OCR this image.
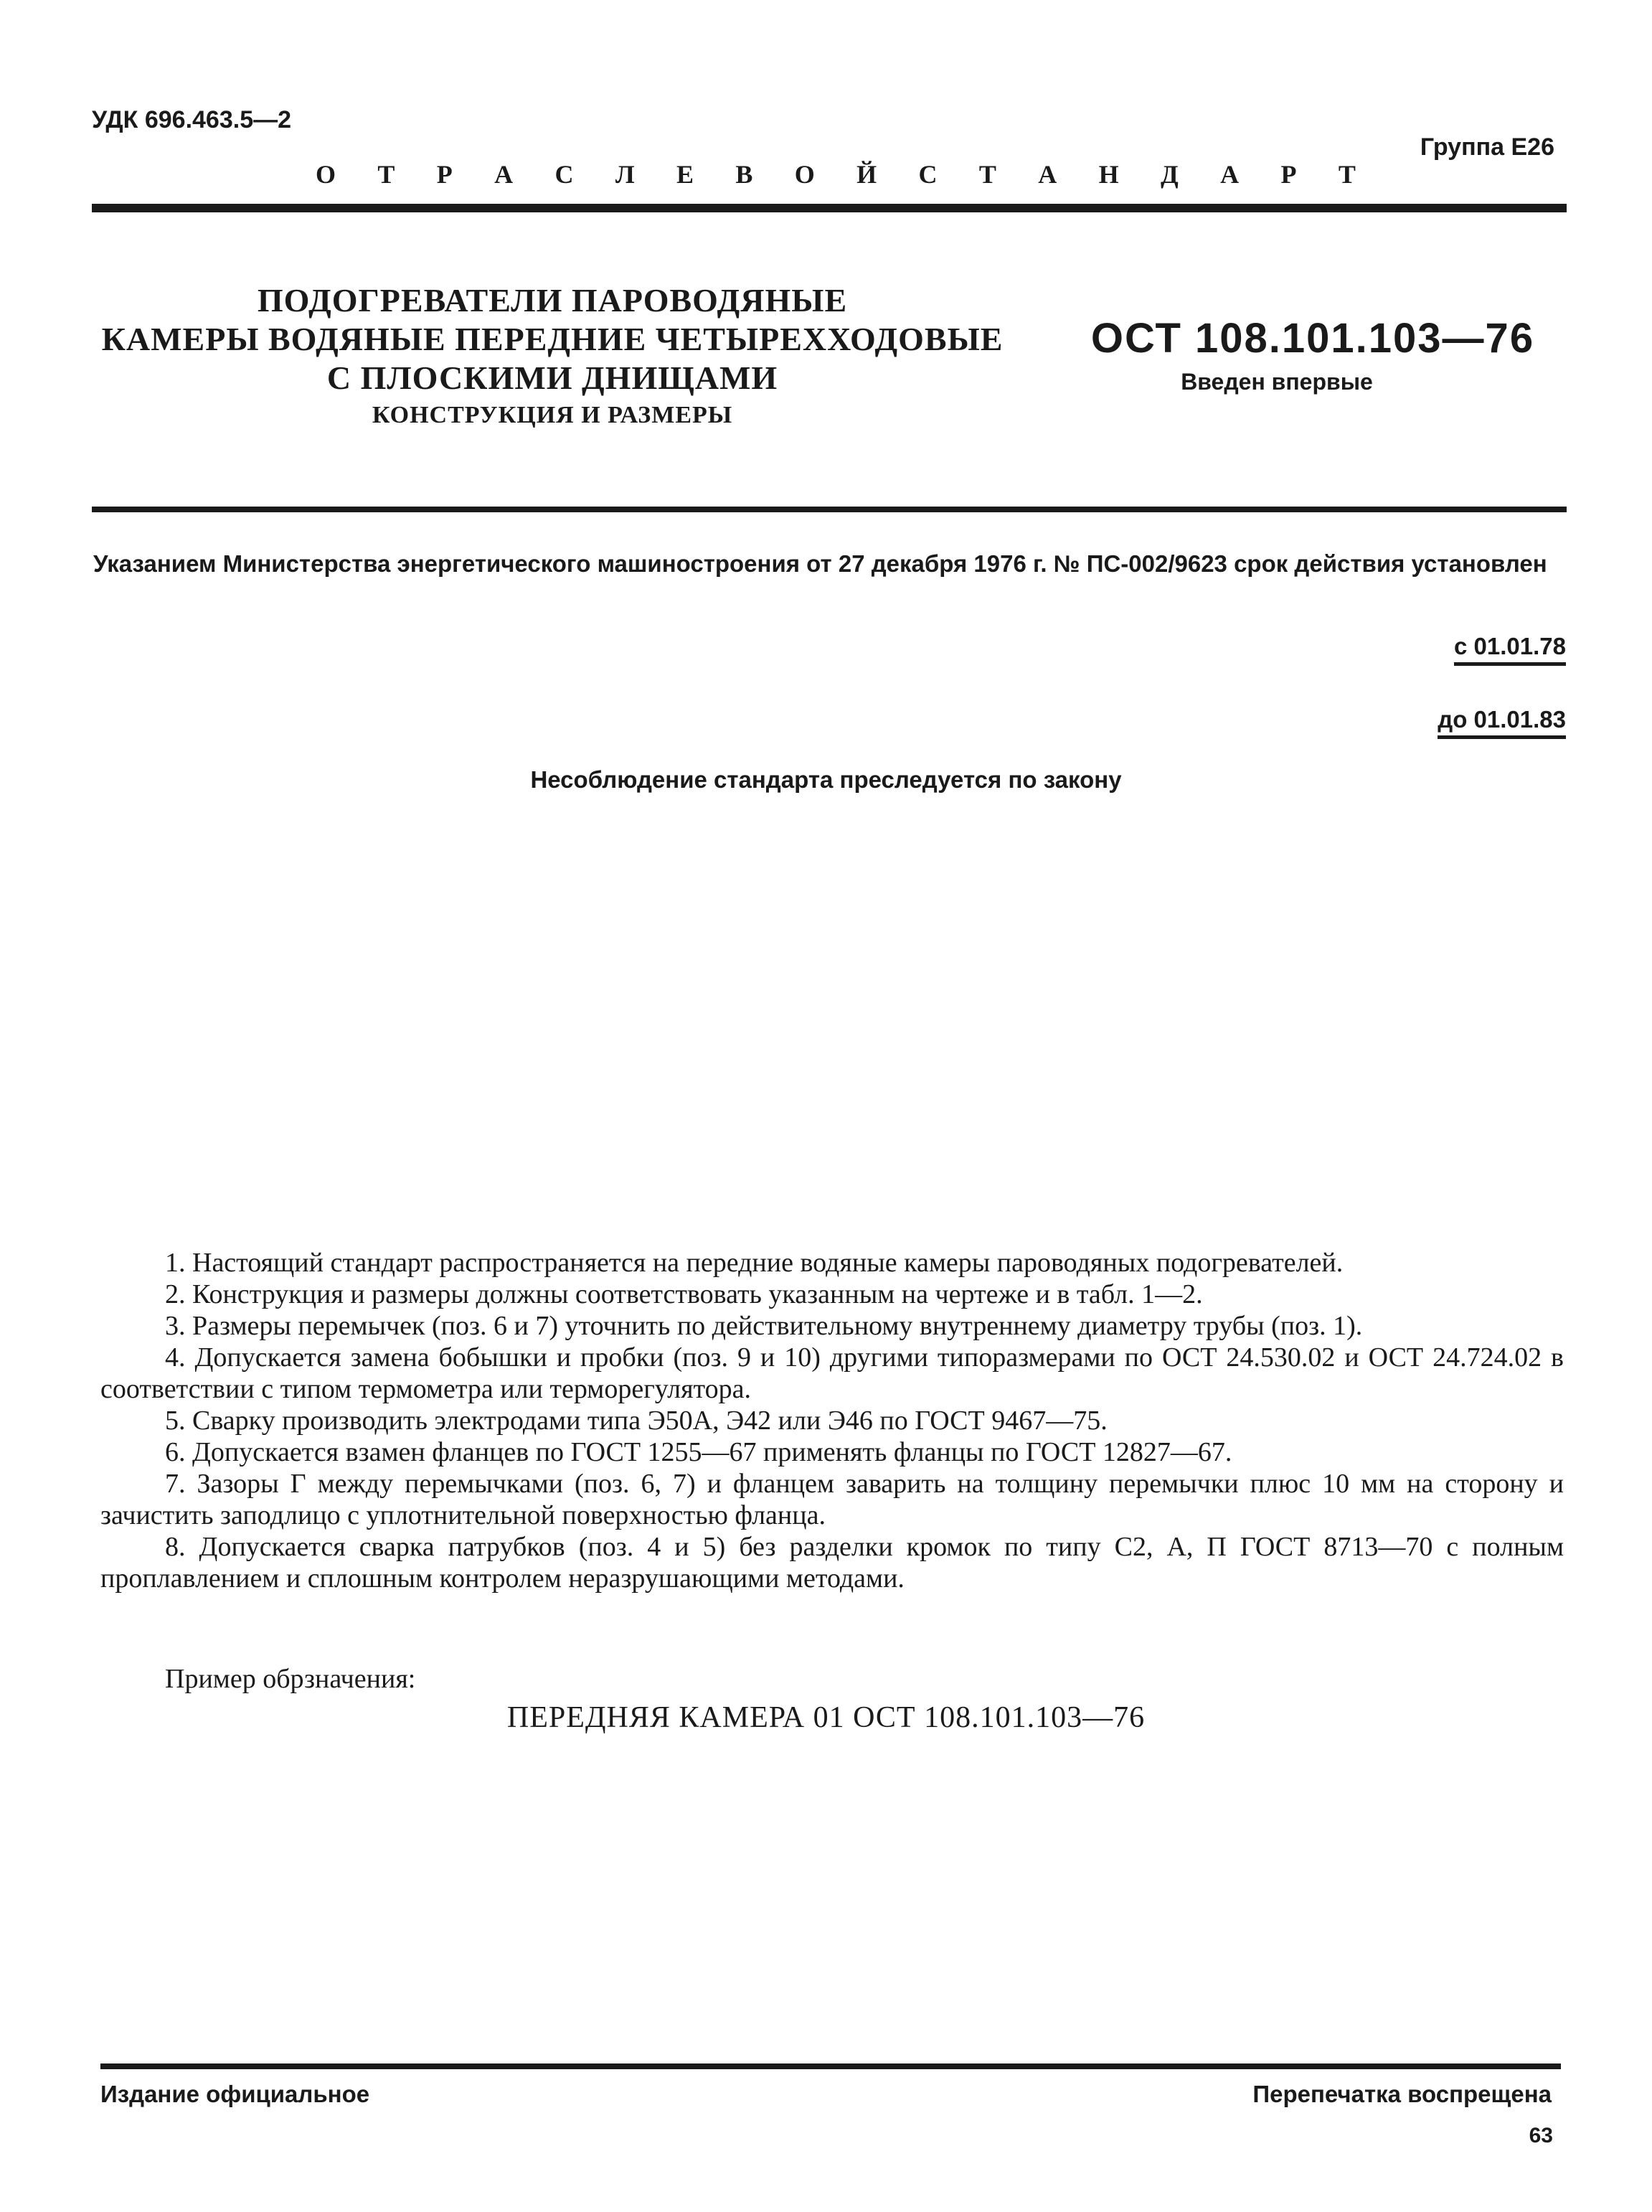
УДК 696.463.5—2
Группа Е26
О Т Р А С Л Е В О Й С Т А Н Д А Р Т
ПОДОГРЕВАТЕЛИ ПАРОВОДЯНЫЕ
КАМЕРЫ ВОДЯНЫЕ ПЕРЕДНИЕ ЧЕТЫРЕХХОДОВЫЕ
С ПЛОСКИМИ ДНИЩАМИ
КОНСТРУКЦИЯ И РАЗМЕРЫ
ОСТ 108.101.103—76
Введен впервые
Указанием Министерства энергетического машиностроения от 27 декабря 1976 г. № ПС-002/9623 срок действия установлен
с 01.01.78
до 01.01.83
Несоблюдение стандарта преследуется по закону

1. Настоящий стандарт распространяется на передние водяные камеры пароводяных подогревателей.

2. Конструкция и размеры должны соответствовать указанным на чертеже и в табл. 1—2.

3. Размеры перемычек (поз. 6 и 7) уточнить по действительному внутреннему диаметру трубы (поз. 1).

4. Допускается замена бобышки и пробки (поз. 9 и 10) другими типоразмерами по ОСТ 24.530.02 и ОСТ 24.724.02 в соответствии с типом термометра или терморегулятора.

5. Сварку производить электродами типа Э50А, Э42 или Э46 по ГОСТ 9467—75.

6. Допускается взамен фланцев по ГОСТ 1255—67 применять фланцы по ГОСТ 12827—67.

7. Зазоры Г между перемычками (поз. 6, 7) и фланцем заварить на толщину перемычки плюс 10 мм на сторону и зачистить заподлицо с уплотнительной поверхностью фланца.

8. Допускается сварка патрубков (поз. 4 и 5) без разделки кромок по типу С2, А, П ГОСТ 8713—70 с полным проплавлением и сплошным контролем неразрушающими методами.

Пример обрзначения:
ПЕРЕДНЯЯ КАМЕРА 01 ОСТ 108.101.103—76
Издание официальное	Перепечатка воспрещена
63
